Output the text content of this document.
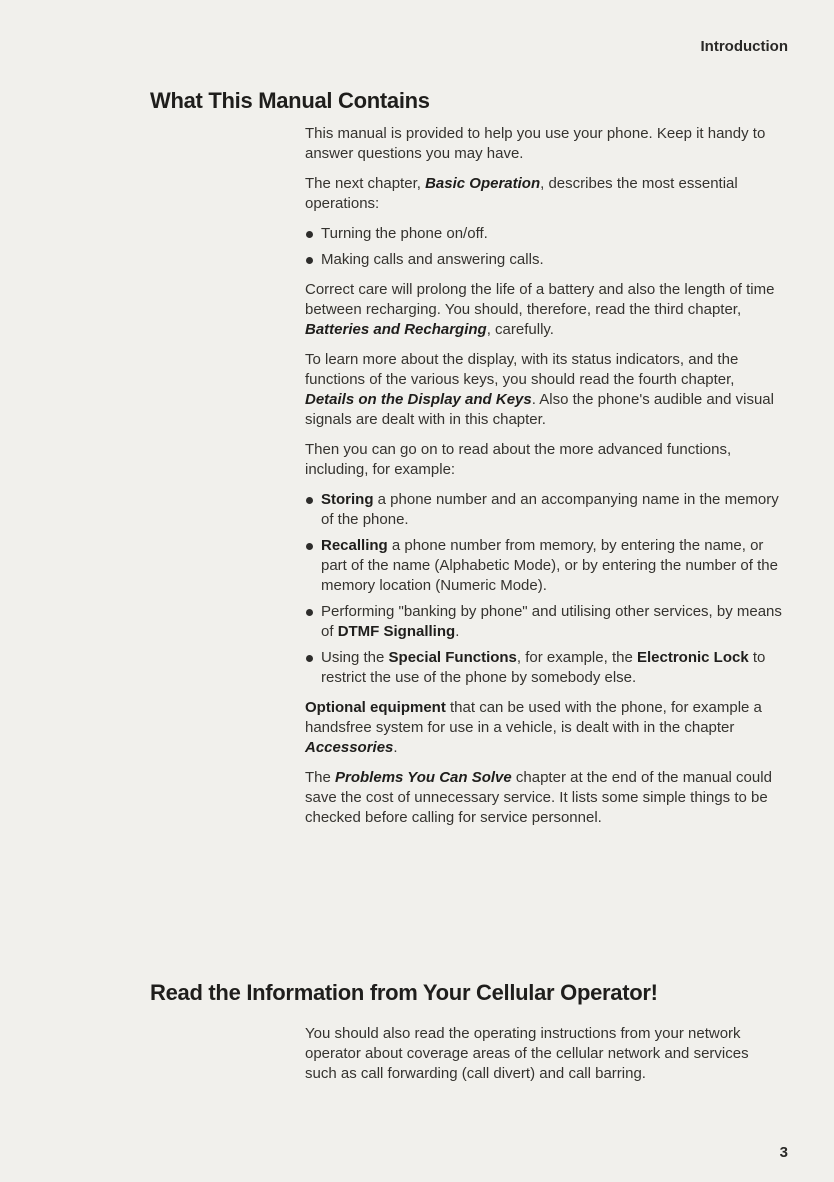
Introduction
What This Manual Contains

This manual is provided to help you use your phone. Keep it handy to answer questions you may have.

The next chapter, Basic Operation, describes the most essential operations:

Turning the phone on/off.
Making calls and answering calls.

Correct care will prolong the life of a battery and also the length of time between recharging. You should, therefore, read the third chapter, Batteries and Recharging, carefully.

To learn more about the display, with its status indicators, and the functions of the various keys, you should read the fourth chapter, Details on the Display and Keys. Also the phone's audible and visual signals are dealt with in this chapter.

Then you can go on to read about the more advanced functions, including, for example:

Storing a phone number and an accompanying name in the memory of the phone.
Recalling a phone number from memory, by entering the name, or part of the name (Alphabetic Mode), or by entering the number of the memory location (Numeric Mode).
Performing "banking by phone" and utilising other services, by means of DTMF Signalling.
Using the Special Functions, for example, the Electronic Lock to restrict the use of the phone by somebody else.

Optional equipment that can be used with the phone, for example a handsfree system for use in a vehicle, is dealt with in the chapter Accessories.

The Problems You Can Solve chapter at the end of the manual could save the cost of unnecessary service. It lists some simple things to be checked before calling for service personnel.

Read the Information from Your Cellular Operator!

You should also read the operating instructions from your network operator about coverage areas of the cellular network and services such as call forwarding (call divert) and call barring.

3
